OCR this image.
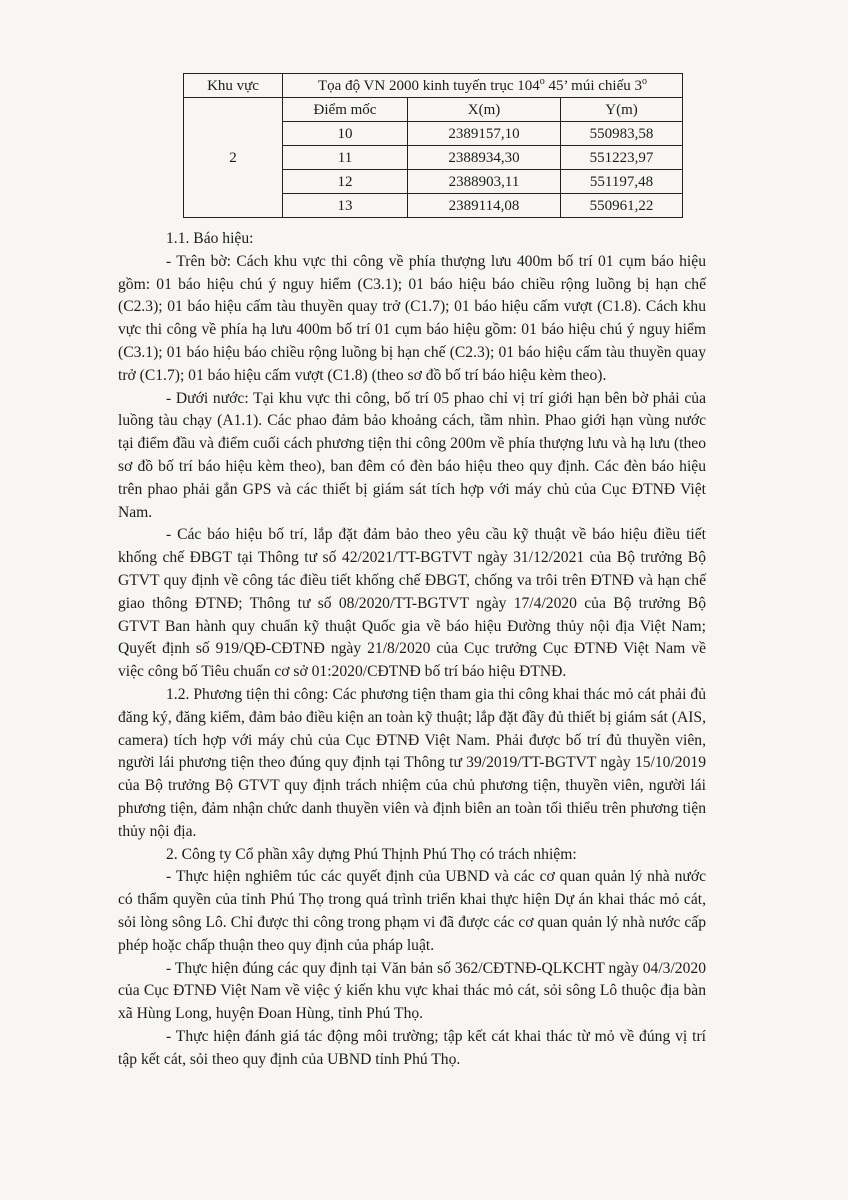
Khu vực	Tọa độ VN 2000 kinh tuyến trục 104$^o$ 45’ múi chiếu 3$^o$
2	Điểm mốc	X(m)	Y(m)
	10	2389157,10	550983,58
	11	2388934,30	551223,97
	12	2388903,11	551197,48
	13	2389114,08	550961,22

1.1. Báo hiệu:

- Trên bờ: Cách khu vực thi công về phía thượng lưu 400m bố trí 01 cụm báo hiệu gồm: 01 báo hiệu chú ý nguy hiểm (C3.1); 01 báo hiệu báo chiều rộng luồng bị hạn chế (C2.3); 01 báo hiệu cấm tàu thuyền quay trở (C1.7); 01 báo hiệu cấm vượt (C1.8). Cách khu vực thi công về phía hạ lưu 400m bố trí 01 cụm báo hiệu gồm: 01 báo hiệu chú ý nguy hiểm (C3.1); 01 báo hiệu báo chiều rộng luồng bị hạn chế (C2.3); 01 báo hiệu cấm tàu thuyền quay trở (C1.7); 01 báo hiệu cấm vượt (C1.8) (theo sơ đồ bố trí báo hiệu kèm theo).

- Dưới nước: Tại khu vực thi công, bố trí 05 phao chỉ vị trí giới hạn bên bờ phải của luồng tàu chạy (A1.1). Các phao đảm bảo khoảng cách, tầm nhìn. Phao giới hạn vùng nước tại điểm đầu và điểm cuối cách phương tiện thi công 200m về phía thượng lưu và hạ lưu (theo sơ đồ bố trí báo hiệu kèm theo), ban đêm có đèn báo hiệu theo quy định. Các đèn báo hiệu trên phao phải gắn GPS và các thiết bị giám sát tích hợp với máy chủ của Cục ĐTNĐ Việt Nam.

- Các báo hiệu bố trí, lắp đặt đảm bảo theo yêu cầu kỹ thuật về báo hiệu điều tiết khống chế ĐBGT tại Thông tư số 42/2021/TT-BGTVT ngày 31/12/2021 của Bộ trưởng Bộ GTVT quy định về công tác điều tiết khống chế ĐBGT, chống va trôi trên ĐTNĐ và hạn chế giao thông ĐTNĐ; Thông tư số 08/2020/TT-BGTVT ngày 17/4/2020 của Bộ trưởng Bộ GTVT Ban hành quy chuẩn kỹ thuật Quốc gia về báo hiệu Đường thủy nội địa Việt Nam; Quyết định số 919/QĐ-CĐTNĐ ngày 21/8/2020 của Cục trưởng Cục ĐTNĐ Việt Nam về việc công bố Tiêu chuẩn cơ sở 01:2020/CĐTNĐ bố trí báo hiệu ĐTNĐ.

1.2. Phương tiện thi công: Các phương tiện tham gia thi công khai thác mỏ cát phải đủ đăng ký, đăng kiểm, đảm bảo điều kiện an toàn kỹ thuật; lắp đặt đầy đủ thiết bị giám sát (AIS, camera) tích hợp với máy chủ của Cục ĐTNĐ Việt Nam. Phải được bố trí đủ thuyền viên, người lái phương tiện theo đúng quy định tại Thông tư 39/2019/TT-BGTVT ngày 15/10/2019 của Bộ trưởng Bộ GTVT quy định trách nhiệm của chủ phương tiện, thuyền viên, người lái phương tiện, đảm nhận chức danh thuyền viên và định biên an toàn tối thiểu trên phương tiện thủy nội địa.

2. Công ty Cổ phần xây dựng Phú Thịnh Phú Thọ có trách nhiệm:

- Thực hiện nghiêm túc các quyết định của UBND và các cơ quan quản lý nhà nước có thẩm quyền của tỉnh Phú Thọ trong quá trình triển khai thực hiện Dự án khai thác mỏ cát, sỏi lòng sông Lô. Chỉ được thi công trong phạm vi đã được các cơ quan quản lý nhà nước cấp phép hoặc chấp thuận theo quy định của pháp luật.

- Thực hiện đúng các quy định tại Văn bản số 362/CĐTNĐ-QLKCHT ngày 04/3/2020 của Cục ĐTNĐ Việt Nam về việc ý kiến khu vực khai thác mỏ cát, sỏi sông Lô thuộc địa bàn xã Hùng Long, huyện Đoan Hùng, tỉnh Phú Thọ.

- Thực hiện đánh giá tác động môi trường; tập kết cát khai thác từ mỏ về đúng vị trí tập kết cát, sỏi theo quy định của UBND tỉnh Phú Thọ.
